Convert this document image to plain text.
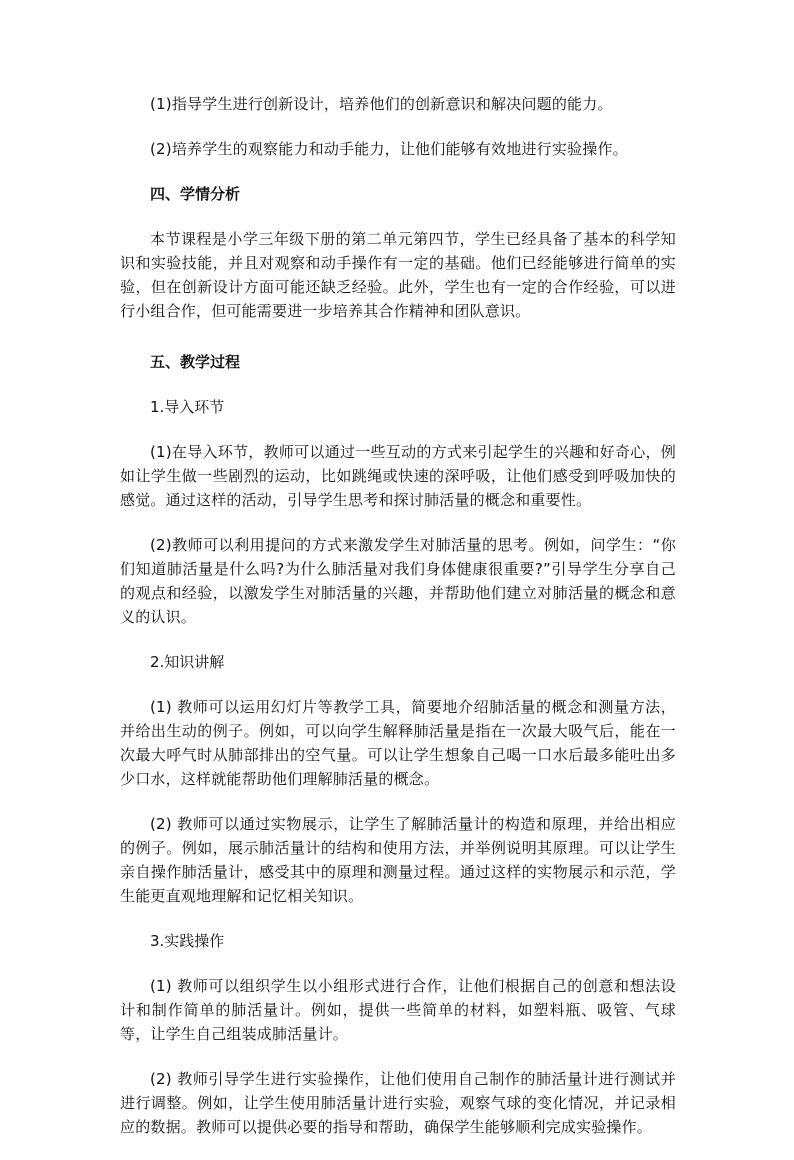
(1)指导学生进行创新设计，培养他们的创新意识和解决问题的能力。

(2)培养学生的观察能力和动手能力，让他们能够有效地进行实验操作。

四、学情分析

本节课程是小学三年级下册的第二单元第四节，学生已经具备了基本的科学知识和实验技能，并且对观察和动手操作有一定的基础。他们已经能够进行简单的实验，但在创新设计方面可能还缺乏经验。此外，学生也有一定的合作经验，可以进行小组合作，但可能需要进一步培养其合作精神和团队意识。

五、教学过程

1.导入环节

(1)在导入环节，教师可以通过一些互动的方式来引起学生的兴趣和好奇心，例如让学生做一些剧烈的运动，比如跳绳或快速的深呼吸，让他们感受到呼吸加快的感觉。通过这样的活动，引导学生思考和探讨肺活量的概念和重要性。

(2)教师可以利用提问的方式来激发学生对肺活量的思考。例如，问学生：“你们知道肺活量是什么吗?为什么肺活量对我们身体健康很重要?”引导学生分享自己的观点和经验，以激发学生对肺活量的兴趣，并帮助他们建立对肺活量的概念和意义的认识。

2.知识讲解

(1) 教师可以运用幻灯片等教学工具，简要地介绍肺活量的概念和测量方法，并给出生动的例子。例如，可以向学生解释肺活量是指在一次最大吸气后，能在一次最大呼气时从肺部排出的空气量。可以让学生想象自己喝一口水后最多能吐出多少口水，这样就能帮助他们理解肺活量的概念。

(2) 教师可以通过实物展示，让学生了解肺活量计的构造和原理，并给出相应的例子。例如，展示肺活量计的结构和使用方法，并举例说明其原理。可以让学生亲自操作肺活量计，感受其中的原理和测量过程。通过这样的实物展示和示范，学生能更直观地理解和记忆相关知识。

3.实践操作

(1) 教师可以组织学生以小组形式进行合作，让他们根据自己的创意和想法设计和制作简单的肺活量计。例如，提供一些简单的材料，如塑料瓶、吸管、气球等，让学生自己组装成肺活量计。

(2) 教师引导学生进行实验操作，让他们使用自己制作的肺活量计进行测试并进行调整。例如，让学生使用肺活量计进行实验，观察气球的变化情况，并记录相应的数据。教师可以提供必要的指导和帮助，确保学生能够顺利完成实验操作。
